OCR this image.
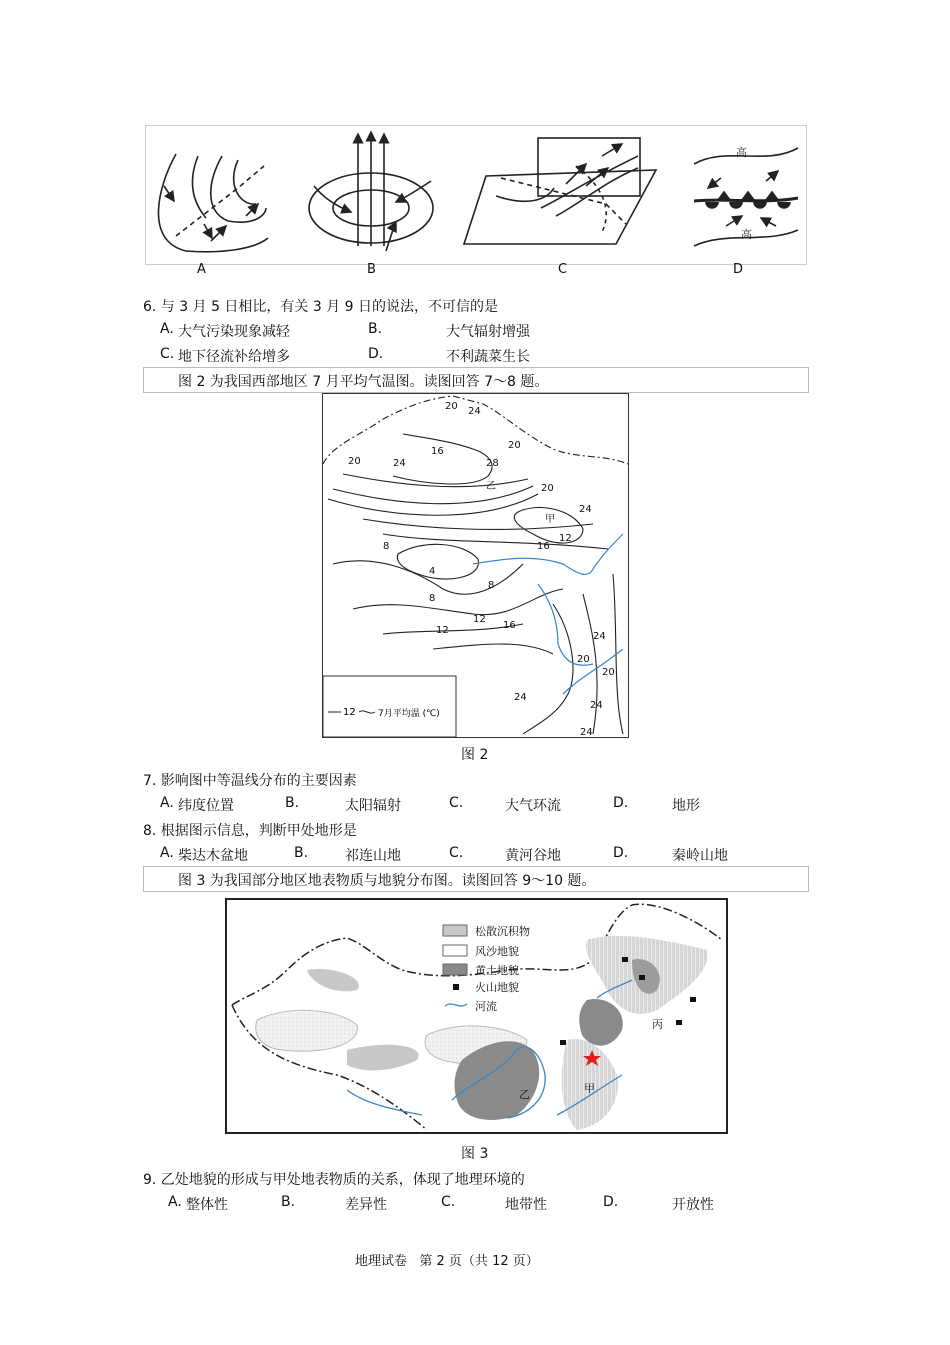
高
高
A	B	C	D
6. 与 3 月 5 日相比，有关 3 月 9 日的说法，不可信的是
A. 大气污染现象减轻	B.	大气辐射增强
C. 地下径流补给增多	D.	不利蔬菜生长
图 2 为我国西部地区 7 月平均气温图。读图回答 7～8 题。
20 24
20
16
20	24	28
乙	20
24
甲
12
16
8
4
8
8
12
12	16
24
20
20
24
24
24
12 7月平均温 (℃)
图 2
7. 影响图中等温线分布的主要因素
A. 纬度位置	B.	太阳辐射	C.	大气环流	D.	地形
8. 根据图示信息，判断甲处地形是
A. 柴达木盆地	B.	祁连山地	C.	黄河谷地	D.	秦岭山地
图 3 为我国部分地区地表物质与地貌分布图。读图回答 9～10 题。
乙	甲
丙
松散沉积物
风沙地貌
黄土地貌
火山地貌
河流
图 3
9. 乙处地貌的形成与甲处地表物质的关系，体现了地理环境的
A. 整体性	B.	差异性	C.	地带性	D.	开放性
地理试卷   第 2 页（共 12 页）
